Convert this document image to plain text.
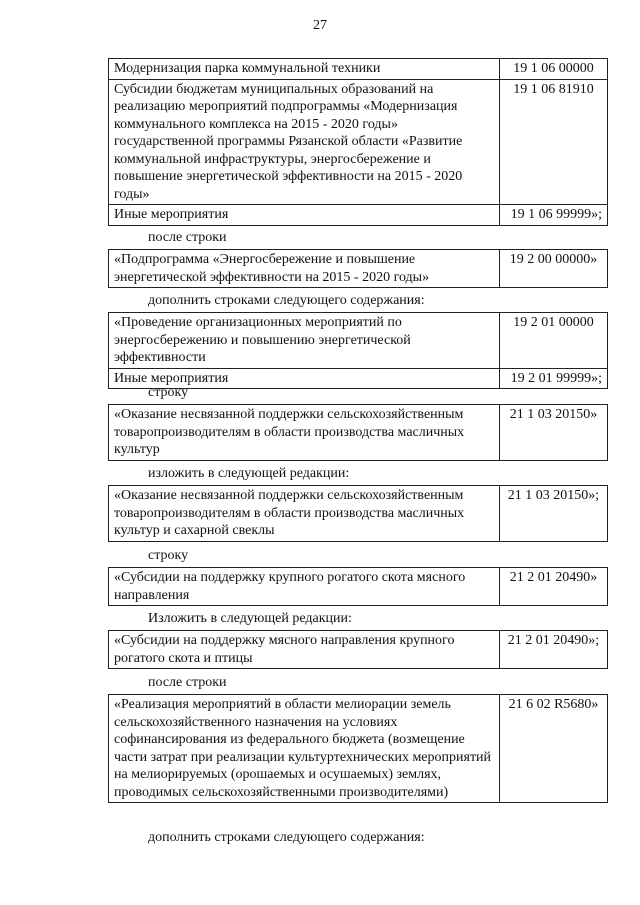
27
Модернизация парка коммунальной техники	19 1 06 00000
Субсидии бюджетам муниципальных образований на реализацию мероприятий подпрограммы «Модернизация коммунального комплекса на 2015 - 2020 годы» государственной программы Рязанской области «Развитие коммунальной инфраструктуры, энергосбережение и повышение энергетической эффективности на 2015 - 2020 годы»	19 1 06 81910
Иные мероприятия	19 1 06 99999»;
после строки
«Подпрограмма «Энергосбережение и повышение энергетической эффективности на 2015 - 2020 годы»	19 2 00 00000»
дополнить строками следующего содержания:
«Проведение организационных мероприятий по энергосбережению и повышению энергетической эффективности	19 2 01 00000
Иные мероприятия	19 2 01 99999»;
строку
«Оказание несвязанной поддержки сельскохозяйственным товаропроизводителям в области производства масличных культур	21 1 03 20150»
изложить в следующей редакции:
«Оказание несвязанной поддержки сельскохозяйственным товаропроизводителям в области производства масличных культур и сахарной свеклы	21 1 03 20150»;
строку
«Субсидии на поддержку крупного рогатого скота мясного направления	21 2 01 20490»
Изложить в следующей редакции:
«Субсидии на поддержку мясного направления крупного рогатого скота и птицы	21 2 01 20490»;
после строки
«Реализация мероприятий в области мелиорации земель сельскохозяйственного назначения на условиях софинансирования из федерального бюджета (возмещение части затрат при реализации культуртехнических мероприятий на мелиорируемых (орошаемых и осушаемых) землях, проводимых сельскохозяйственными производителями)	21 6 02 R5680»
дополнить строками следующего содержания:
